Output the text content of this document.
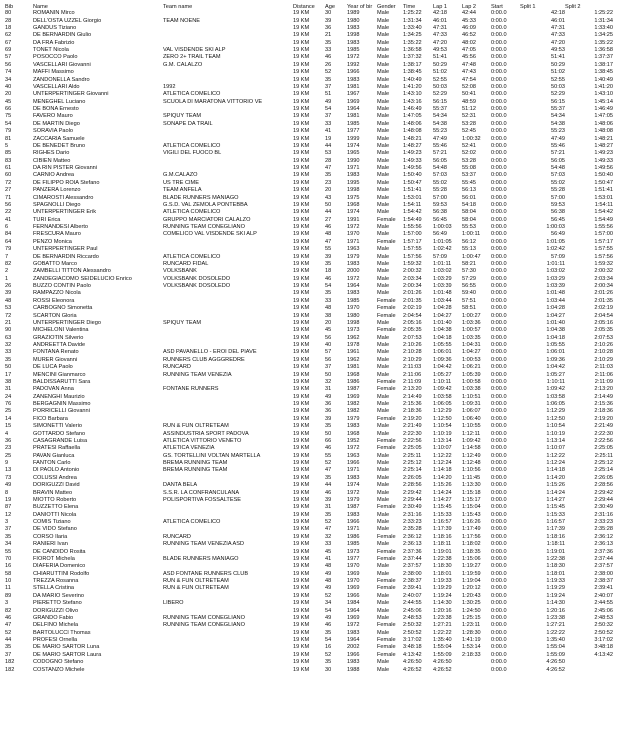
Bib	Name	Team name	Distance	Age	Year of bir	Gender	Time	Lap 1	Lap 2	Start	Split 1	Split 2
80	ROMANIN Mirco		19 KM	30	1989	Male	1:25:22	42:18	42:44	0:00.0	42:18	1:25:22
28	DELL'OSTA UZZEL Giorgio	TEAM NOENE	19 KM	39	1980	Male	1:31:34	46:01	45:33	0:00.0	46:01	1:31:34
18	GANDUS Tiziano		19 KM	36	1983	Male	1:33:40	47:31	46:09	0:00.0	47:31	1:33:40
62	DE BERNARDIN Giulio		19 KM	21	1998	Male	1:34:25	47:33	46:52	0:00.0	47:33	1:34:25
67	DA FRA Fabrizio		19 KM	35	1983	Male	1:35:22	47:20	48:02	0:00.0	47:20	1:35:22
69	TONET Nicola	VAL VISDENDE SKI ALP	19 KM	33	1985	Male	1:36:58	49:53	47:05	0:00.0	49:53	1:36:58
57	POSOCCO Paolo	ZERO 2+ TRAIL TEAM	19 KM	46	1972	Male	1:37:32	51:41	45:56	0:00.0	51:41	1:37:37
56	VASCELLARI Giovanni	G.M. CALALZO	19 KM	26	1992	Male	1:38:17	50:29	47:48	0:00.0	50:29	1:38:17
74	MAFFI Massimo		19 KM	52	1966	Male	1:38:45	51:02	47:43	0:00.0	51:02	1:38:45
34	ZANDONELLA Sandro		19 KM	35	1983	Male	1:40:49	52:55	47:54	0:00.0	52:55	1:40:49
40	VASCELLARI Aldo	1992	19 KM	37	1981	Male	1:41:20	50:03	52:08	0:00.0	50:03	1:41:20
20	UNTERPERTINGER Giovanni	ATLETICA COMELICO	19 KM	51	1967	Male	1:43:10	52:29	50:41	0:00.0	52:29	1:43:10
45	MENEGHEL Luciano	SCUOLA DI MARATONA VITTORIO VE	19 KM	49	1969	Male	1:43:16	56:15	48:59	0:00.0	56:15	1:45:14
66	DE BONA Ernesto		19 KM	54	1964	Male	1:46:49	55:37	51:12	0:00.0	55:37	1:46:49
75	FAVERO Mauro	SPIQUY TEAM	19 KM	37	1981	Male	1:47:05	54:34	52:31	0:00.0	54:34	1:47:05
54	DE MARTIN Diego	SONAPE DA TRAIL	19 KM	33	1985	Male	1:48:06	54:38	53:28	0:00.0	54:38	1:48:06
79	SORAVIA Paolo		19 KM	41	1977	Male	1:48:08	55:23	52:45	0:00.0	55:23	1:48:08
81	ZACCARIA Samuele		19 KM	19	1999	Male	1:48:21	47:49	1:00:32	0:00.0	47:49	1:48:21
5	DE BENEDET Bruno	ATLETICA COMELICO	19 KM	44	1974	Male	1:48:27	55:46	52:41	0:00.0	55:46	1:48:27
85	RIGHES Dario	VIGILI DEL FUOCO BL	19 KM	53	1965	Male	1:49:23	57:21	52:02	0:00.0	57:21	1:49:23
83	CIBIEN Matteo		19 KM	28	1990	Male	1:49:33	56:05	53:28	0:00.0	56:05	1:49:33
61	DA RIN PISTER Giovanni		19 KM	47	1971	Male	1:49:56	54:48	55:08	0:00.0	54:48	1:49:56
60	CARNIO Andrea	G.M.CALAZO	19 KM	35	1983	Male	1:50:40	57:03	53:37	0:00.0	57:03	1:50:40
72	DE FILIPPO ROIA Stefano	US TRE CIME	19 KM	23	1995	Male	1:50:47	55:02	55:45	0:00.0	55:02	1:50:47
27	PANZERA Lorenzo	TEAM ANFELA	19 KM	20	1998	Male	1:51:41	55:28	56:13	0:00.0	55:28	1:51:41
71	CIMAROSTI Alessandro	BLADE RUNNERS MANIAGO	19 KM	43	1975	Male	1:53:01	57:00	56:01	0:00.0	57:00	1:53:01
56	SPAGNOLLI Diego	G.S.D. VAL ZEMOLA PONTEBBA	19 KM	50	1968	Male	1:54:11	59:53	54:18	0:00.0	59:53	1:54:11
22	UNTERPERTINGER Erik	ATLETICA COMELICO	19 KM	44	1974	Male	1:54:42	56:38	58:04	0:00.0	56:38	1:54:42
41	TURI Erica	GRUPPO MARCIATORI CALALZO	19 KM	27	1991	Female	1:54:49	56:45	58:04	0:00.0	56:45	1:54:49
6	FERNANDESI Alberto	RUNNING TEAM CONEGLIANO	19 KM	46	1972	Male	1:55:56	1:00:03	55:53	0:00.0	1:00:03	1:55:56
84	FRESCURA Mauro	COMELICO VAL VISDENDE SKI ALP	19 KM	48	1970	Male	1:57:00	56:49	1:00:11	0:00.0	56:49	1:57:00
64	PENZO Monica		19 KM	47	1971	Female	1:57:17	1:01:05	56:12	0:00.0	1:01:05	1:57:17
79	UNTERPERTINGER Paul		19 KM	55	1963	Male	1:57:55	1:02:42	55:13	0:00.0	1:02:42	1:57:55
7	DE BERNARDIN Riccardo	ATLETICA COMELICO	19 KM	39	1979	Male	1:57:56	57:09	1:00:47	0:00.0	57:09	1:57:56
82	GOBATTO Marco	RUNCARD FIDAL	19 KM	35	1983	Male	1:59:32	1:01:11	58:21	0:00.0	1:01:11	1:59:32
2	ZAMBELLI TITTON Alessandro	VOLKSBANK	19 KM	18	2000	Male	2:00:32	1:03:02	57:30	0:00.0	1:03:02	2:00:32
1	ZANDEGIACOMO SEIDELUCIO Enrico	VOLKSBANK DOSOLEDO	19 KM	46	1972	Male	2:03:34	1:03:29	57:29	0:00.0	1:03:29	2:03:34
26	BUZZO CONTIN Paolo	VOLKSBANK DOSOLEDO	19 KM	54	1964	Male	2:00:34	1:03:39	56:55	0:00.0	1:03:39	2:00:34
39	RAMPAZZO Nicola		19 KM	35	1983	Male	2:01:26	1:01:48	59:40	0:00.0	1:01:48	2:01:26
48	ROSSI Eleonora		19 KM	33	1985	Female	2:01:35	1:03:44	57:51	0:00.0	1:03:44	2:01:35
53	CARBOGNO Simonetta		19 KM	48	1970	Female	2:02:19	1:04:28	58:51	0:00.0	1:04:28	2:02:19
72	SCARTON Gloria		19 KM	38	1980	Female	2:04:54	1:04:27	1:00:27	0:00.0	1:04:27	2:04:54
21	UNTERPERTINGER Diego	SPIQUY TEAM	19 KM	20	1998	Male	2:05:16	1:01:40	1:03:36	0:00.0	1:01:40	2:05:16
90	MICHELONI Valentina		19 KM	45	1973	Female	2:05:35	1:04:38	1:00:57	0:00.0	1:04:38	2:05:35
63	GRAZIOTIN Silverio		19 KM	56	1962	Male	2:07:53	1:04:18	1:03:35	0:00.0	1:04:18	2:07:53
32	ANDREETTA Davide		19 KM	40	1978	Male	2:10:26	1:05:55	1:04:31	0:00.0	1:05:55	2:10:26
33	FONTANA Renato	ASD PAVANELLO - EROI DEL PIAVE	19 KM	57	1961	Male	2:10:28	1:06:01	1:04:27	0:00.0	1:06:01	2:10:28
35	MURER Giovanni	RUNNERS CLUB AGGGREDRE	19 KM	56	1962	Male	2:10:29	1:09:36	1:00:53	0:00.0	1:09:36	2:10:29
50	DE LUCA Paolo	RUNCARD	19 KM	37	1981	Male	2:11:03	1:04:42	1:06:21	0:00.0	1:04:42	2:11:03
17	MENCINI Gianmarco	RUNNING TEAM VENEZIA	19 KM	50	1968	Male	2:11:06	1:05:27	1:05:39	0:00.0	1:05:27	2:11:06
38	BALDISSARUTTI Sara		19 KM	32	1986	Female	2:11:09	1:10:11	1:00:58	0:00.0	1:10:11	2:11:09
31	PADOVAN Anna	FONTANE RUNNERS	19 KM	31	1987	Female	2:13:20	1:09:42	1:03:38	0:00.0	1:09:42	2:13:20
24	ZANENGHI Maurizio		19 KM	49	1969	Male	2:14:49	1:03:58	1:10:51	0:00.0	1:03:58	2:14:49
76	BERGAGNIN Massimo		19 KM	36	1982	Male	2:15:36	1:06:05	1:09:31	0:00.0	1:06:05	2:15:36
25	PORRICELLI Giovanni		19 KM	36	1982	Male	2:18:36	1:12:29	1:06:07	0:00.0	1:12:29	2:18:36
14	FICO Barbara		19 KM	39	1979	Female	2:19:20	1:12:50	1:06:40	0:00.0	1:12:50	2:19:20
15	SIMONETTI Valerio	RUN & FUN OLTRETEAM	19 KM	35	1983	Male	2:21:49	1:10:54	1:10:55	0:00.0	1:10:54	2:21:49
4	GOTTARDO Stefano	ASSINDUSTRIA SPORT PADOVA	19 KM	50	1968	Male	2:22:30	1:10:19	1:12:11	0:00.0	1:10:19	2:22:30
36	CASAGRANDE Luisa	ATLETICA VITTORIO VENETO	19 KM	66	1952	Female	2:22:56	1:13:14	1:09:42	0:00.0	1:13:14	2:22:56
23	PRATESI Raffaella	ATLETICA VENEZIA	19 KM	46	1972	Female	2:25:05	1:10:07	1:14:58	0:00.0	1:10:07	2:25:05
25	PAVAN Gianluca	GS. TORTELLINI VOLTAN MARTELLA	19 KM	55	1963	Male	2:25:11	1:12:22	1:12:49	0:00.0	1:12:22	2:25:11
9	FANTON Carlo	BREMA RUNNING TEAM	19 KM	52	1966	Male	2:25:12	1:12:24	1:12:48	0:00.0	1:12:24	2:25:12
13	DI PAOLO Antonio	BREMA RUNNING TEAM	19 KM	47	1971	Male	2:25:14	1:14:18	1:10:56	0:00.0	1:14:18	2:25:14
73	COLUSSI Andrea		19 KM	35	1983	Male	2:26:05	1:14:20	1:11:45	0:00.0	1:14:20	2:26:05
49	DORIGUZZI David	DANTA BELA	19 KM	44	1974	Male	2:28:56	1:15:26	1:13:30	0:00.0	1:15:26	2:28:56
8	BRAVIN Matteo	S.S.R. LA CONFRANCULANA	19 KM	46	1972	Male	2:29:42	1:14:24	1:15:18	0:00.0	1:14:24	2:29:42
19	MIOTTO Roberto	POLISPORTIVA FOSSALTESE	19 KM	39	1979	Male	2:29:44	1:14:27	1:15:17	0:00.0	1:14:27	2:29:44
87	BUZZETTO Elena		19 KM	31	1987	Female	2:30:49	1:15:45	1:15:04	0:00.0	1:15:45	2:30:49
12	DANIOTTI Nicola		19 KM	35	1983	Male	2:31:16	1:15:33	1:15:43	0:00.0	1:15:33	2:31:16
3	COMIS Tiziano	ATLETICA COMELICO	19 KM	52	1966	Male	2:33:23	1:16:57	1:16:26	0:00.0	1:16:57	2:33:23
37	DE VIDO Stefano		19 KM	47	1971	Male	2:35:28	1:17:39	1:17:49	0:00.0	1:17:39	2:35:28
35	CORSO Ilaria	RUNCARD	19 KM	32	1986	Female	2:36:12	1:18:16	1:17:56	0:00.0	1:18:16	2:36:12
34	RANIERI Ivan	RUNNING TEAM VENEZIA ASD	19 KM	33	1985	Male	2:36:13	1:18:11	1:18:02	0:00.0	1:18:11	2:36:13
55	DE CANDIDO Rosita		19 KM	45	1973	Female	2:37:36	1:19:01	1:18:35	0:00.0	1:19:01	2:37:36
70	FIOROT Michela	BLADE RUNNERS MANIAGO	19 KM	41	1977	Female	2:37:44	1:22:38	1:15:06	0:00.0	1:22:38	2:37:44
16	DIAFERIA Domenico		19 KM	48	1970	Male	2:37:57	1:18:30	1:19:27	0:00.0	1:18:30	2:37:57
58	CHIARUTTINI Rodolfo	ASD FONTANE RUNNERS CLUB	19 KM	49	1969	Male	2:38:00	1:18:01	1:19:59	0:00.0	1:18:01	2:38:00
10	TREZZA Rosanna	RUN & FUN OLTRETEAM	19 KM	48	1970	Female	2:38:37	1:19:33	1:19:04	0:00.0	1:19:33	2:38:37
11	STELLA Cristina	RUN & FUN OLTRETEAM	19 KM	49	1969	Female	2:39:41	1:19:29	1:20:12	0:00.0	1:19:29	2:39:41
89	DA MARIO Severino		19 KM	52	1966	Male	2:40:07	1:19:24	1:20:43	0:00.0	1:19:24	2:40:07
3	PIERETTO Stefano	LIBERO	19 KM	34	1984	Male	2:44:55	1:14:30	1:30:25	0:00.0	1:14:30	2:44:55
82	DORIGUZZI Olivo		19 KM	54	1964	Male	2:45:06	1:20:16	1:24:50	0:00.0	1:20:16	2:45:06
46	GRANDO Fabio	RUNNING TEAM CONEGLIANO	19 KM	49	1969	Male	2:48:53	1:23:38	1:25:15	0:00.0	1:23:38	2:48:53
47	DELFINO Michela	RUNNING TEAM CONEGLIANO	19 KM	46	1972	Female	2:50:32	1:27:21	1:23:11	0:00.0	1:27:21	2:50:32
52	BARTOLUCCI Thomas		19 KM	35	1983	Male	2:50:52	1:22:22	1:28:30	0:00.0	1:22:22	2:50:52
44	PROFESI Ornella		19 KM	54	1964	Female	3:17:02	1:35:40	1:41:19	0:00.0	1:35:40	3:17:02
35	DE MARIO SARTOR Luna		19 KM	16	2002	Female	3:48:18	1:55:04	1:53:14	0:00.0	1:55:04	3:48:18
37	DE MARIO SARTOR Laura		19 KM	52	1966	Female	4:13:42	1:55:09	2:18:33	0:00.0	1:55:09	4:13:42
182	CODOGNO Stefano		19 KM	35	1983	Male	4:26:50	4:26:50		0:00.0	4:26:50	
182	COSTANZO Michele		19 KM	30	1988	Male	4:26:52	4:26:52		0:00.0	4:26:52	
